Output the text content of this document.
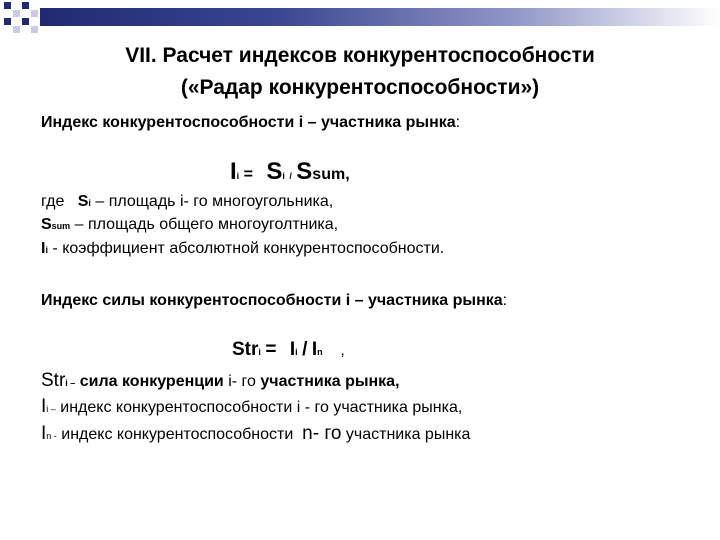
VII. Расчет индексов конкурентоспособности
(«Радар конкурентоспособности»)
Индекс конкурентоспособности i – участника рынка:
Ii = Si / Ssum,
где Si – площадь i- го многоугольника,
Ssum – площадь общего многоуголтника,
Ii - коэффициент абсолютной конкурентоспособности.
Индекс силы конкурентоспособности i – участника рынка:
Stri = Ii / In ,
Stri – сила конкуренции i- го участника рынка,
Ii – индекс конкурентоспособности i - го участника рынка,
In - индекс конкурентоспособности n- го участника рынка
